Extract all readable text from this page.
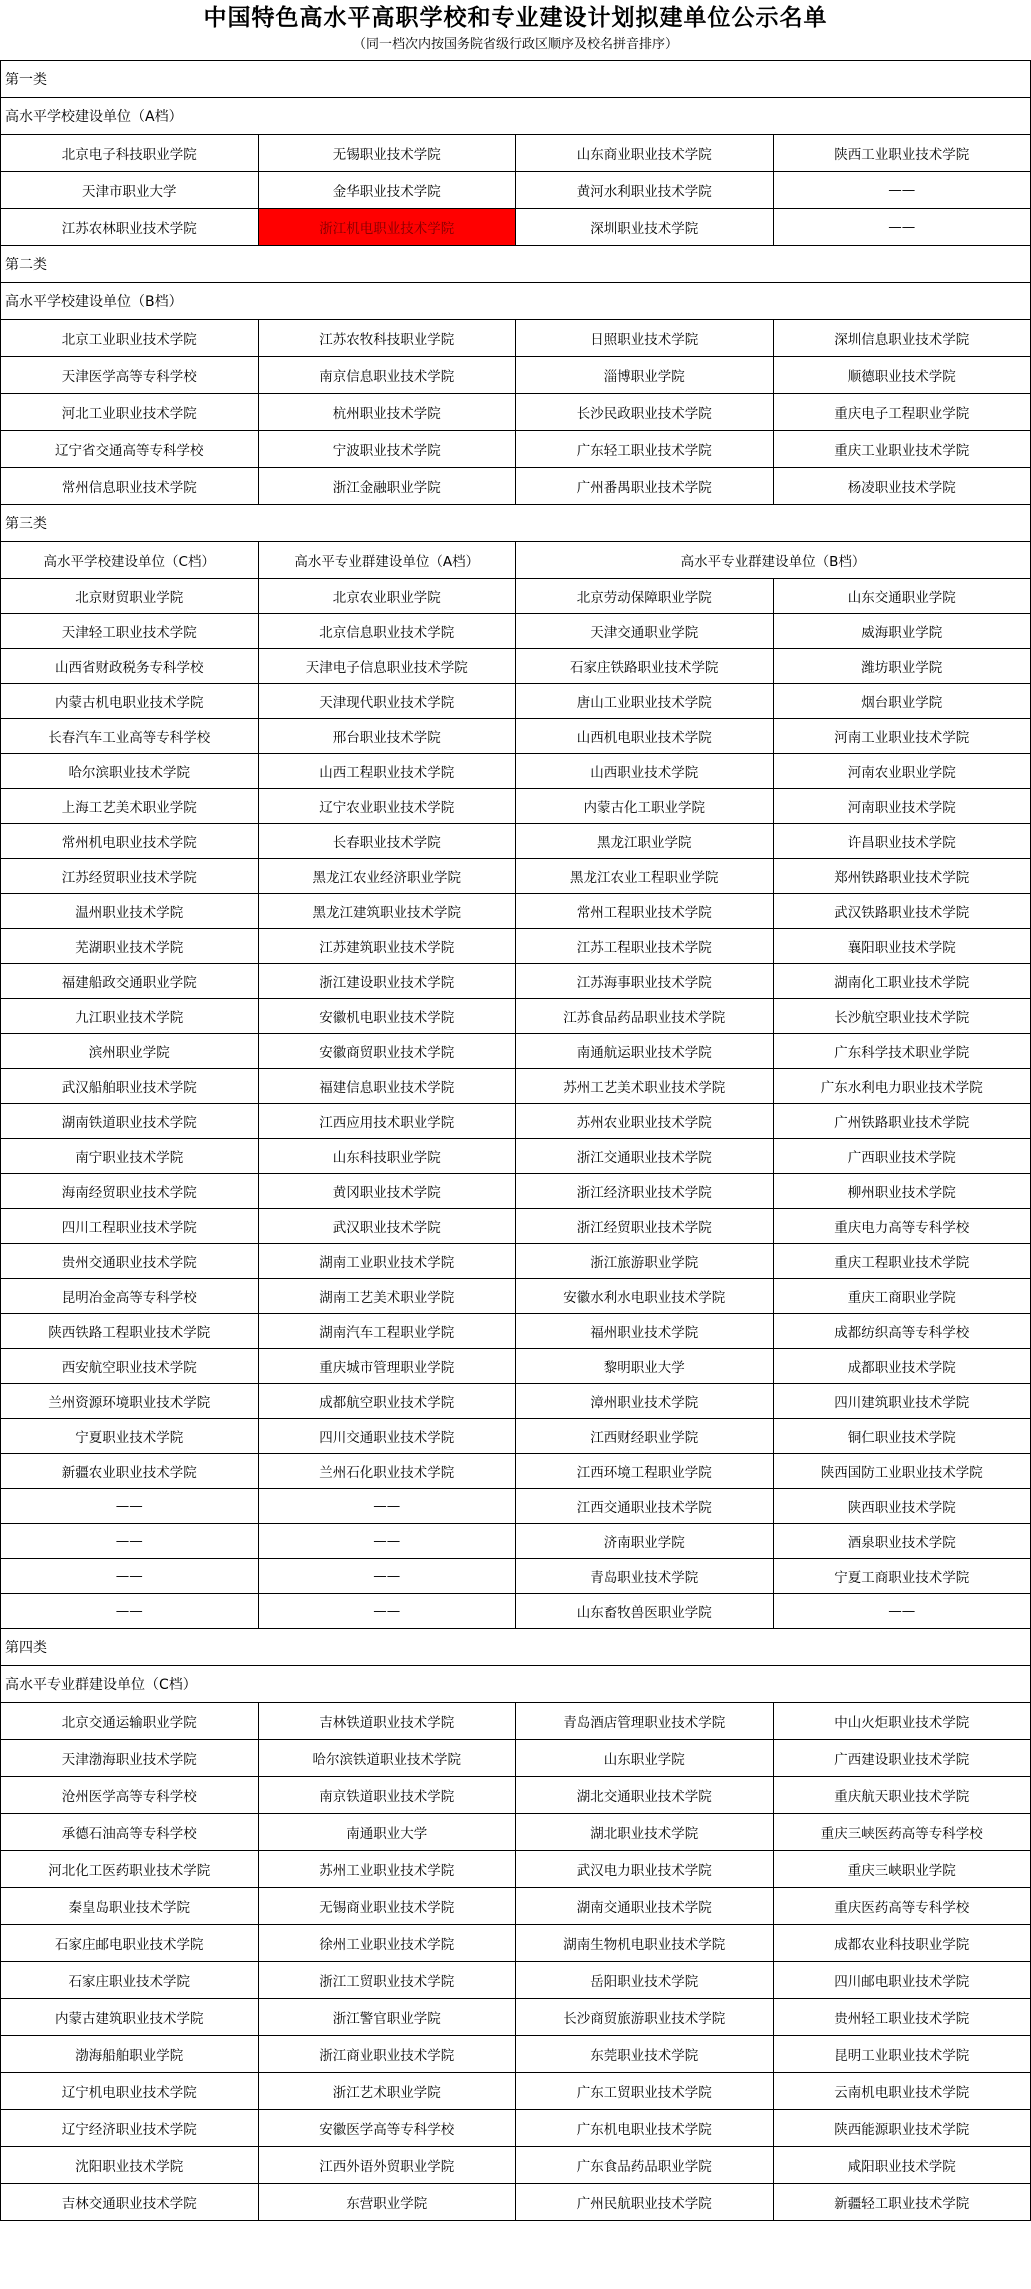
中国特色高水平高职学校和专业建设计划拟建单位公示名单
（同一档次内按国务院省级行政区顺序及校名拼音排序）
第一类			
高水平学校建设单位（A档）			
北京电子科技职业学院	无锡职业技术学院	山东商业职业技术学院	陕西工业职业技术学院
天津市职业大学	金华职业技术学院	黄河水利职业技术学院	——
江苏农林职业技术学院	浙江机电职业技术学院	深圳职业技术学院	——
第二类			
高水平学校建设单位（B档）			
北京工业职业技术学院	江苏农牧科技职业学院	日照职业技术学院	深圳信息职业技术学院
天津医学高等专科学校	南京信息职业技术学院	淄博职业学院	顺德职业技术学院
河北工业职业技术学院	杭州职业技术学院	长沙民政职业技术学院	重庆电子工程职业学院
辽宁省交通高等专科学校	宁波职业技术学院	广东轻工职业技术学院	重庆工业职业技术学院
常州信息职业技术学院	浙江金融职业学院	广州番禺职业技术学院	杨凌职业技术学院
第三类			
高水平学校建设单位（C档）	高水平专业群建设单位（A档）	高水平专业群建设单位（B档）	
北京财贸职业学院	北京农业职业学院	北京劳动保障职业学院	山东交通职业学院
天津轻工职业技术学院	北京信息职业技术学院	天津交通职业学院	威海职业学院
山西省财政税务专科学校	天津电子信息职业技术学院	石家庄铁路职业技术学院	潍坊职业学院
内蒙古机电职业技术学院	天津现代职业技术学院	唐山工业职业技术学院	烟台职业学院
长春汽车工业高等专科学校	邢台职业技术学院	山西机电职业技术学院	河南工业职业技术学院
哈尔滨职业技术学院	山西工程职业技术学院	山西职业技术学院	河南农业职业学院
上海工艺美术职业学院	辽宁农业职业技术学院	内蒙古化工职业学院	河南职业技术学院
常州机电职业技术学院	长春职业技术学院	黑龙江职业学院	许昌职业技术学院
江苏经贸职业技术学院	黑龙江农业经济职业学院	黑龙江农业工程职业学院	郑州铁路职业技术学院
温州职业技术学院	黑龙江建筑职业技术学院	常州工程职业技术学院	武汉铁路职业技术学院
芜湖职业技术学院	江苏建筑职业技术学院	江苏工程职业技术学院	襄阳职业技术学院
福建船政交通职业学院	浙江建设职业技术学院	江苏海事职业技术学院	湖南化工职业技术学院
九江职业技术学院	安徽机电职业技术学院	江苏食品药品职业技术学院	长沙航空职业技术学院
滨州职业学院	安徽商贸职业技术学院	南通航运职业技术学院	广东科学技术职业学院
武汉船舶职业技术学院	福建信息职业技术学院	苏州工艺美术职业技术学院	广东水利电力职业技术学院
湖南铁道职业技术学院	江西应用技术职业学院	苏州农业职业技术学院	广州铁路职业技术学院
南宁职业技术学院	山东科技职业学院	浙江交通职业技术学院	广西职业技术学院
海南经贸职业技术学院	黄冈职业技术学院	浙江经济职业技术学院	柳州职业技术学院
四川工程职业技术学院	武汉职业技术学院	浙江经贸职业技术学院	重庆电力高等专科学校
贵州交通职业技术学院	湖南工业职业技术学院	浙江旅游职业学院	重庆工程职业技术学院
昆明冶金高等专科学校	湖南工艺美术职业学院	安徽水利水电职业技术学院	重庆工商职业学院
陕西铁路工程职业技术学院	湖南汽车工程职业学院	福州职业技术学院	成都纺织高等专科学校
西安航空职业技术学院	重庆城市管理职业学院	黎明职业大学	成都职业技术学院
兰州资源环境职业技术学院	成都航空职业技术学院	漳州职业技术学院	四川建筑职业技术学院
宁夏职业技术学院	四川交通职业技术学院	江西财经职业学院	铜仁职业技术学院
新疆农业职业技术学院	兰州石化职业技术学院	江西环境工程职业学院	陕西国防工业职业技术学院
——	——	江西交通职业技术学院	陕西职业技术学院
——	——	济南职业学院	酒泉职业技术学院
——	——	青岛职业技术学院	宁夏工商职业技术学院
——	——	山东畜牧兽医职业学院	——
第四类			
高水平专业群建设单位（C档）			
北京交通运输职业学院	吉林铁道职业技术学院	青岛酒店管理职业技术学院	中山火炬职业技术学院
天津渤海职业技术学院	哈尔滨铁道职业技术学院	山东职业学院	广西建设职业技术学院
沧州医学高等专科学校	南京铁道职业技术学院	湖北交通职业技术学院	重庆航天职业技术学院
承德石油高等专科学校	南通职业大学	湖北职业技术学院	重庆三峡医药高等专科学校
河北化工医药职业技术学院	苏州工业职业技术学院	武汉电力职业技术学院	重庆三峡职业学院
秦皇岛职业技术学院	无锡商业职业技术学院	湖南交通职业技术学院	重庆医药高等专科学校
石家庄邮电职业技术学院	徐州工业职业技术学院	湖南生物机电职业技术学院	成都农业科技职业学院
石家庄职业技术学院	浙江工贸职业技术学院	岳阳职业技术学院	四川邮电职业技术学院
内蒙古建筑职业技术学院	浙江警官职业学院	长沙商贸旅游职业技术学院	贵州轻工职业技术学院
渤海船舶职业学院	浙江商业职业技术学院	东莞职业技术学院	昆明工业职业技术学院
辽宁机电职业技术学院	浙江艺术职业学院	广东工贸职业技术学院	云南机电职业技术学院
辽宁经济职业技术学院	安徽医学高等专科学校	广东机电职业技术学院	陕西能源职业技术学院
沈阳职业技术学院	江西外语外贸职业学院	广东食品药品职业学院	咸阳职业技术学院
吉林交通职业技术学院	东营职业学院	广州民航职业技术学院	新疆轻工职业技术学院
